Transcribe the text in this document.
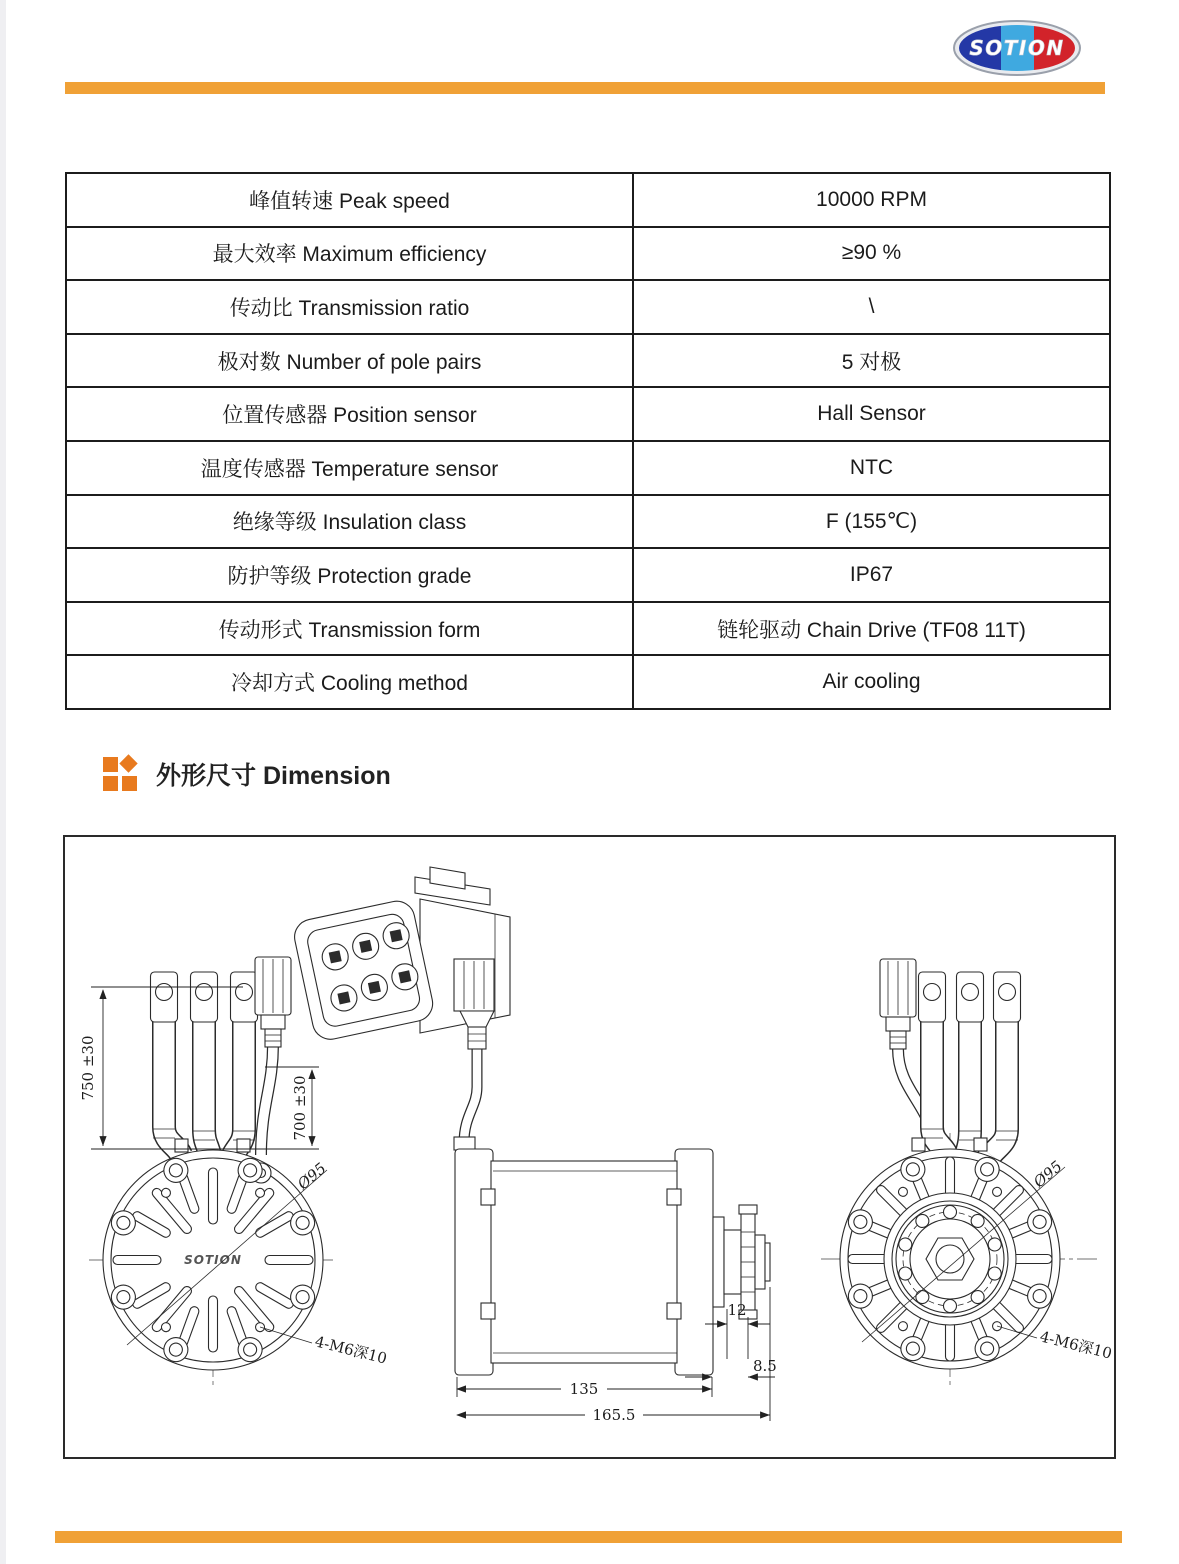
SOTION
峰值转速 Peak speed	10000 RPM
最大效率 Maximum efficiency	≥90 %
传动比 Transmission ratio	\
极对数 Number of pole pairs	5 对极
位置传感器 Position sensor	Hall Sensor
温度传感器 Temperature sensor	NTC
绝缘等级 Insulation class	F (155℃)
防护等级 Protection grade	IP67
传动形式 Transmission form	链轮驱动 Chain Drive (TF08 11T)
冷却方式 Cooling method	Air cooling
外形尺寸 Dimension
SOTION
Ø95
4-M6深10
750 ±30
700 ±30
12
8.5
135
165.5
Ø95
4-M6深10
